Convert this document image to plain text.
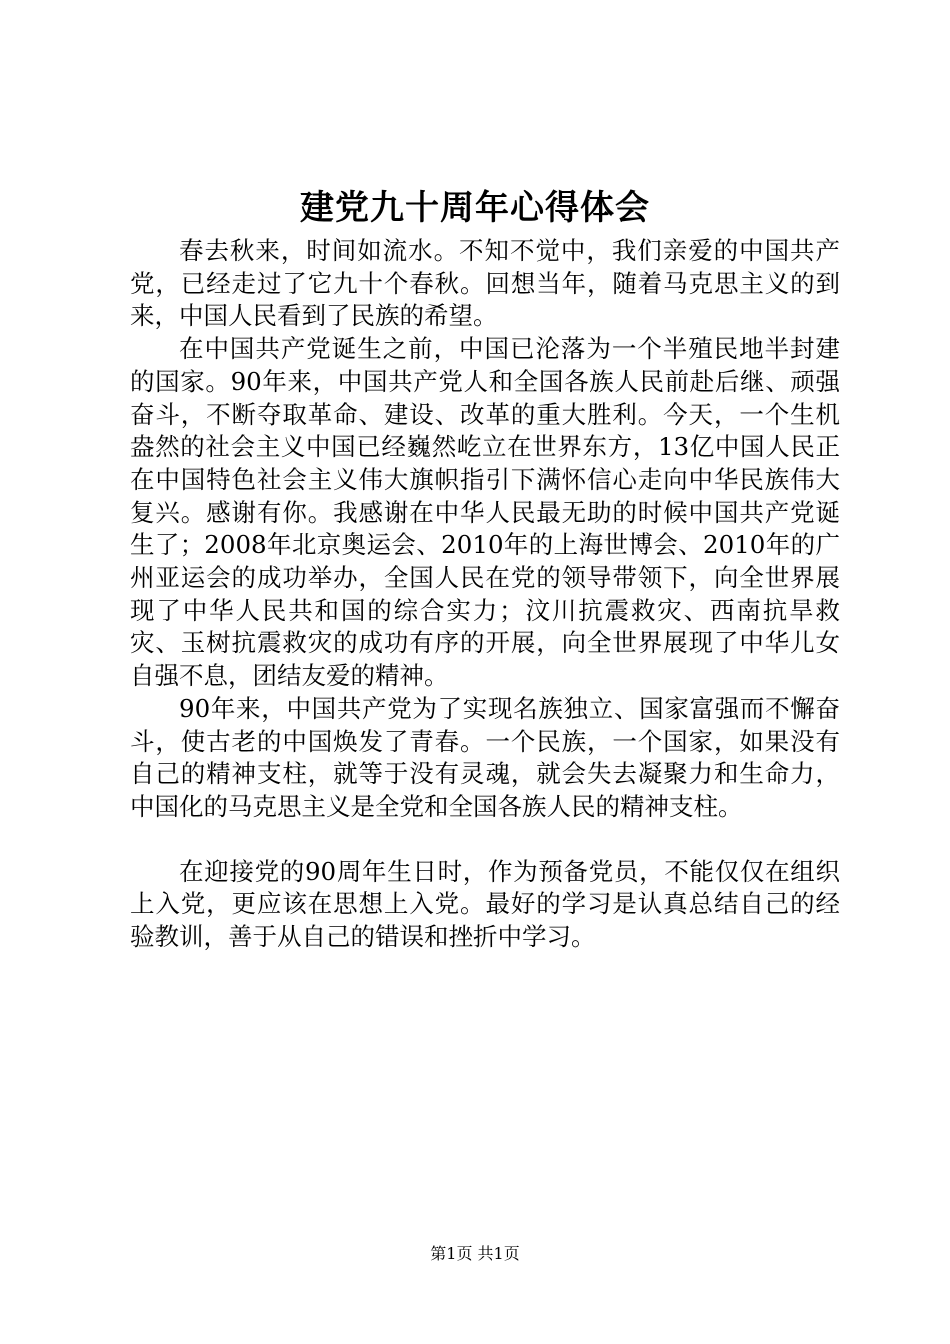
建党九十周年心得体会

春去秋来，时间如流水。不知不觉中，我们亲爱的中国共产党，已经走过了它九十个春秋。回想当年，随着马克思主义的到来，中国人民看到了民族的希望。

在中国共产党诞生之前，中国已沦落为一个半殖民地半封建的国家。90年来，中国共产党人和全国各族人民前赴后继、顽强奋斗，不断夺取革命、建设、改革的重大胜利。今天，一个生机盎然的社会主义中国已经巍然屹立在世界东方，13亿中国人民正在中国特色社会主义伟大旗帜指引下满怀信心走向中华民族伟大复兴。感谢有你。我感谢在中华人民最无助的时候中国共产党诞生了；2008年北京奥运会、2010年的上海世博会、2010年的广州亚运会的成功举办，全国人民在党的领导带领下，向全世界展现了中华人民共和国的综合实力；汶川抗震救灾、西南抗旱救灾、玉树抗震救灾的成功有序的开展，向全世界展现了中华儿女自强不息，团结友爱的精神。

90年来，中国共产党为了实现名族独立、国家富强而不懈奋斗，使古老的中国焕发了青春。一个民族，一个国家，如果没有自己的精神支柱，就等于没有灵魂，就会失去凝聚力和生命力，中国化的马克思主义是全党和全国各族人民的精神支柱。

在迎接党的90周年生日时，作为预备党员，不能仅仅在组织上入党，更应该在思想上入党。最好的学习是认真总结自己的经验教训，善于从自己的错误和挫折中学习。

第1页 共1页
